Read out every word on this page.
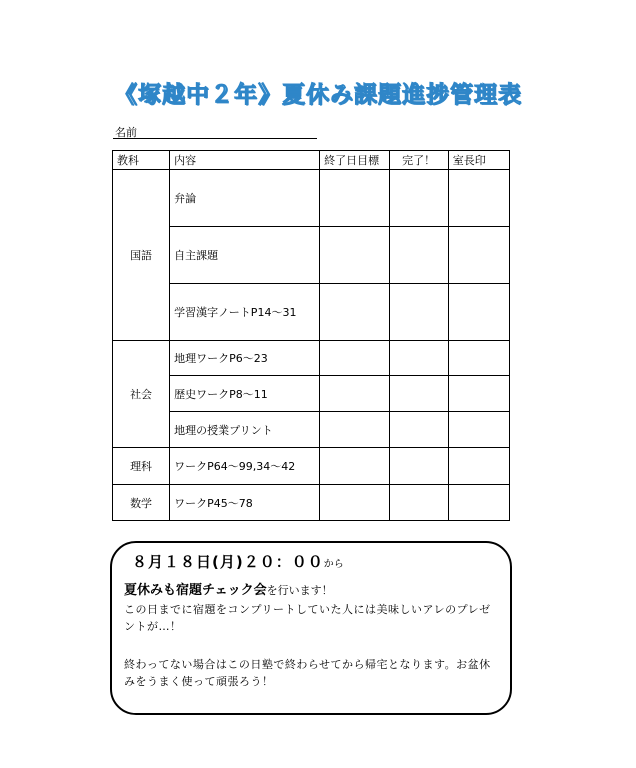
《塚越中２年》夏休み課題進捗管理表
名前
教科	内容	終了日目標	完了！	室長印
国語	弁論			
	自主課題			
	学習漢字ノートP14～31			
社会	地理ワークP6～23			
	歴史ワークP8～11			
	地理の授業プリント			
理科	ワークP64～99,34～42			
数学	ワークP45～78			
８月１８日(月)２０：００から
夏休みも宿題チェック会を行います！
この日までに宿題をコンプリートしていた人には美味しいアレのプレゼントが…！
終わってない場合はこの日塾で終わらせてから帰宅となります。お盆休みをうまく使って頑張ろう！
